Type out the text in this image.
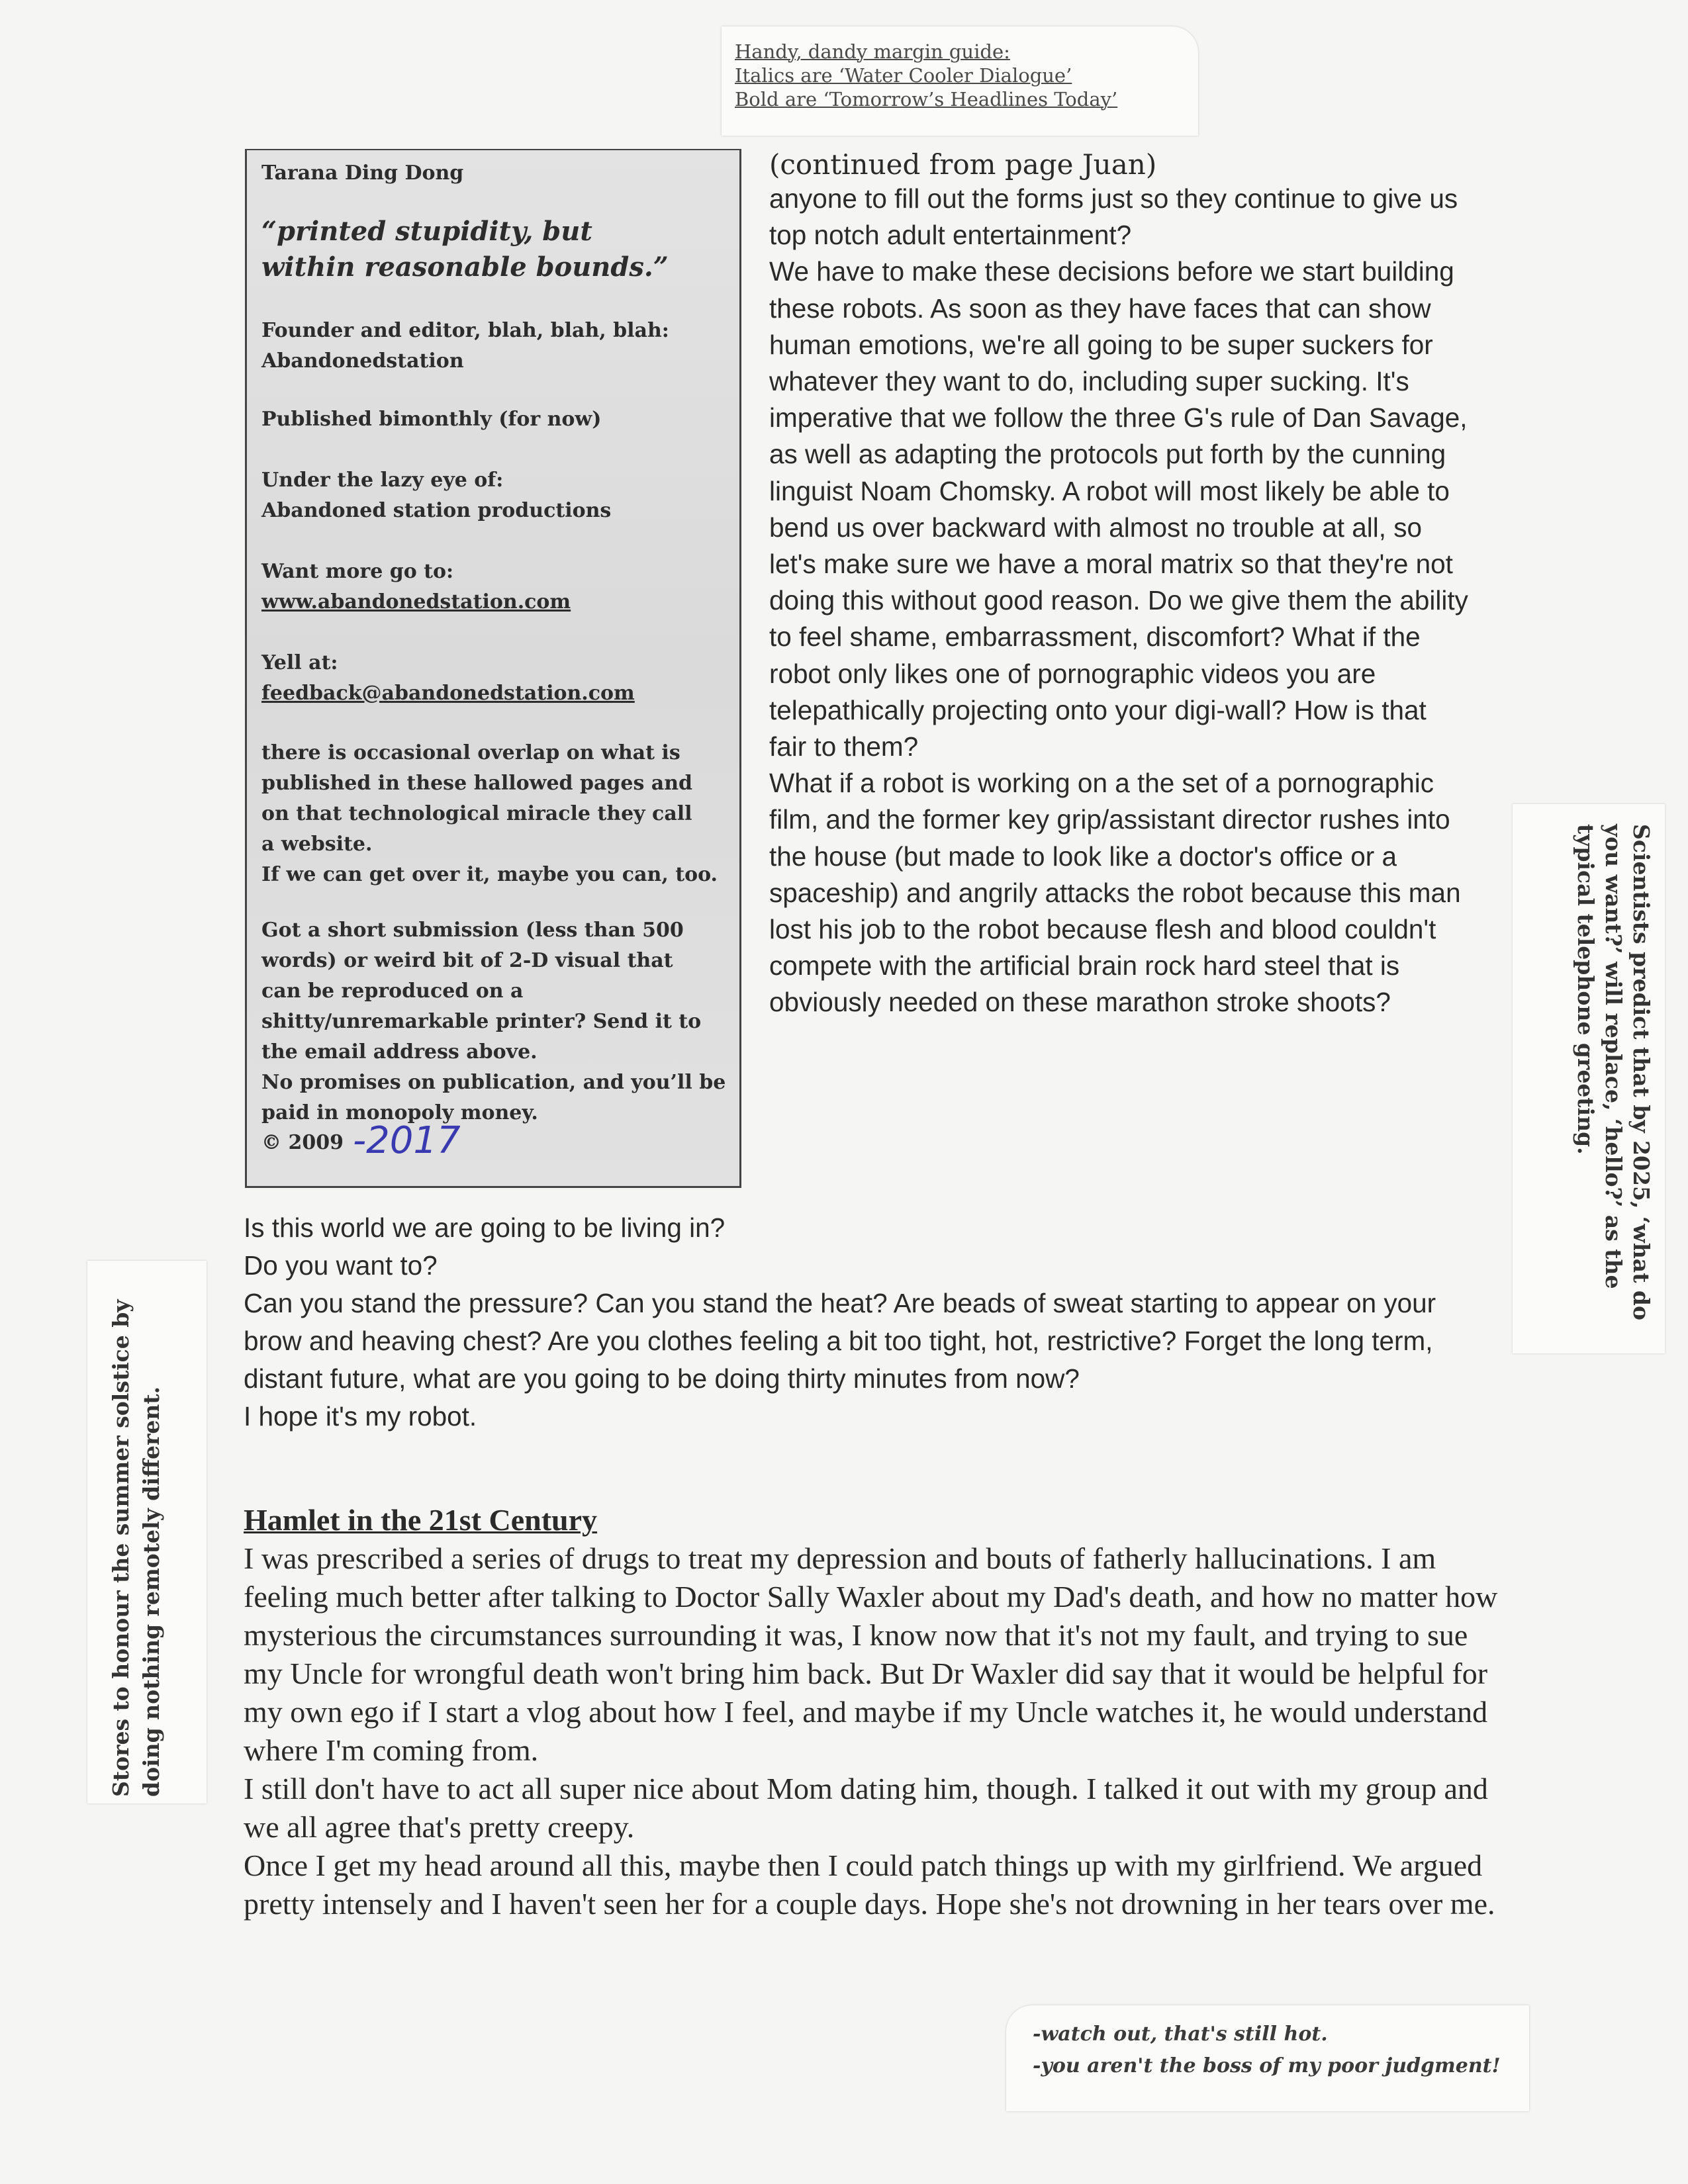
Handy, dandy margin guide:
Italics are ‘Water Cooler Dialogue’
Bold are ‘Tomorrow’s Headlines Today’
Tarana Ding Dong
“printed stupidity, but
within reasonable bounds.”
Founder and editor, blah, blah, blah:
Abandonedstation
Published bimonthly (for now)
Under the lazy eye of:
Abandoned station productions
Want more go to:
www.abandonedstation.com
Yell at:
feedback@abandonedstation.com
there is occasional overlap on what is
published in these hallowed pages and
on that technological miracle they call
a website.
If we can get over it, maybe you can, too.
Got a short submission (less than 500
words) or weird bit of 2-D visual that
can be reproduced on a
shitty/unremarkable printer? Send it to
the email address above.
No promises on publication, and you’ll be
paid in monopoly money.
© 2009 -2017

(continued from page Juan)

anyone to fill out the forms just so they continue to give us top notch adult entertainment?

We have to make these decisions before we start building these robots. As soon as they have faces that can show human emotions, we're all going to be super suckers for whatever they want to do, including super sucking. It's imperative that we follow the three G's rule of Dan Savage, as well as adapting the protocols put forth by the cunning linguist Noam Chomsky. A robot will most likely be able to bend us over backward with almost no trouble at all, so let's make sure we have a moral matrix so that they're not doing this without good reason. Do we give them the ability to feel shame, embarrassment, discomfort? What if the robot only likes one of pornographic videos you are telepathically projecting onto your digi-wall? How is that fair to them?

What if a robot is working on a the set of a pornographic film, and the former key grip/assistant director rushes into the house (but made to look like a doctor's office or a spaceship) and angrily attacks the robot because this man lost his job to the robot because flesh and blood couldn't compete with the artificial brain rock hard steel that is obviously needed on these marathon stroke shoots?

Is this world we are going to be living in?

Do you want to?

Can you stand the pressure? Can you stand the heat? Are beads of sweat starting to appear on your brow and heaving chest? Are you clothes feeling a bit too tight, hot, restrictive? Forget the long term, distant future, what are you going to be doing thirty minutes from now?

I hope it's my robot.

Hamlet in the 21st Century

I was prescribed a series of drugs to treat my depression and bouts of fatherly hallucinations. I am feeling much better after talking to Doctor Sally Waxler about my Dad's death, and how no matter how mysterious the circumstances surrounding it was, I know now that it's not my fault, and trying to sue my Uncle for wrongful death won't bring him back. But Dr Waxler did say that it would be helpful for my own ego if I start a vlog about how I feel, and maybe if my Uncle watches it, he would understand where I'm coming from.

I still don't have to act all super nice about Mom dating him, though. I talked it out with my group and we all agree that's pretty creepy.

Once I get my head around all this, maybe then I could patch things up with my girlfriend. We argued pretty intensely and I haven't seen her for a couple days. Hope she's not drowning in her tears over me.

Scientists predict that by 2025, ‘what do you want?’ will replace, ‘hello?’ as the typical telephone greeting.
Stores to honour the summer solstice by doing nothing remotely different.
-watch out, that's still hot.
-you aren't the boss of my poor judgment!
